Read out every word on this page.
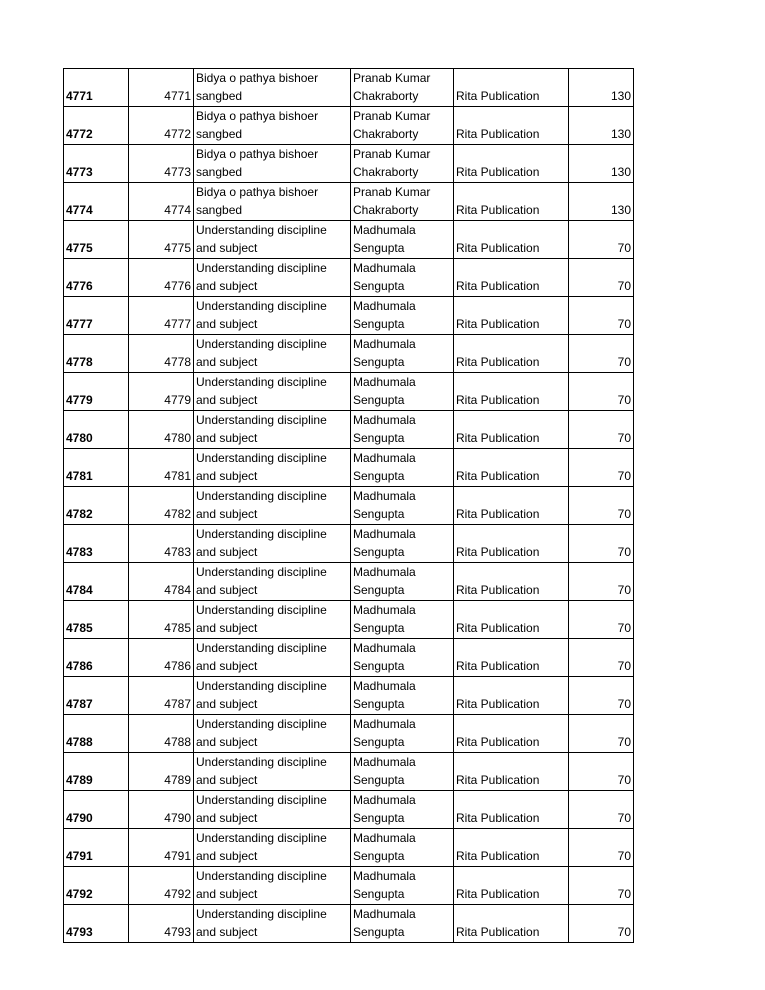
4771	4771	Bidya o pathya bishoer sangbed	Pranab Kumar Chakraborty	Rita Publication	130
4772	4772	Bidya o pathya bishoer sangbed	Pranab Kumar Chakraborty	Rita Publication	130
4773	4773	Bidya o pathya bishoer sangbed	Pranab Kumar Chakraborty	Rita Publication	130
4774	4774	Bidya o pathya bishoer sangbed	Pranab Kumar Chakraborty	Rita Publication	130
4775	4775	Understanding discipline and subject	Madhumala Sengupta	Rita Publication	70
4776	4776	Understanding discipline and subject	Madhumala Sengupta	Rita Publication	70
4777	4777	Understanding discipline and subject	Madhumala Sengupta	Rita Publication	70
4778	4778	Understanding discipline and subject	Madhumala Sengupta	Rita Publication	70
4779	4779	Understanding discipline and subject	Madhumala Sengupta	Rita Publication	70
4780	4780	Understanding discipline and subject	Madhumala Sengupta	Rita Publication	70
4781	4781	Understanding discipline and subject	Madhumala Sengupta	Rita Publication	70
4782	4782	Understanding discipline and subject	Madhumala Sengupta	Rita Publication	70
4783	4783	Understanding discipline and subject	Madhumala Sengupta	Rita Publication	70
4784	4784	Understanding discipline and subject	Madhumala Sengupta	Rita Publication	70
4785	4785	Understanding discipline and subject	Madhumala Sengupta	Rita Publication	70
4786	4786	Understanding discipline and subject	Madhumala Sengupta	Rita Publication	70
4787	4787	Understanding discipline and subject	Madhumala Sengupta	Rita Publication	70
4788	4788	Understanding discipline and subject	Madhumala Sengupta	Rita Publication	70
4789	4789	Understanding discipline and subject	Madhumala Sengupta	Rita Publication	70
4790	4790	Understanding discipline and subject	Madhumala Sengupta	Rita Publication	70
4791	4791	Understanding discipline and subject	Madhumala Sengupta	Rita Publication	70
4792	4792	Understanding discipline and subject	Madhumala Sengupta	Rita Publication	70
4793	4793	Understanding discipline and subject	Madhumala Sengupta	Rita Publication	70
